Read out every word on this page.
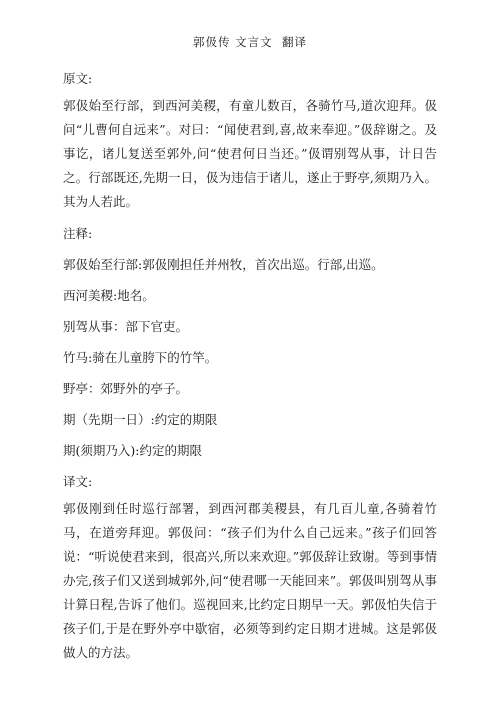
郭伋传 文言文  翻译

原文:

郭伋始至行部，到西河美稷，有童儿数百，各骑竹马,道次迎拜。伋问“儿曹何自远来”。对曰：“闻使君到,喜,故来奉迎。”伋辞谢之。及事讫，诸儿复送至郭外,问“使君何日当还。”伋谓别驾从事，计日告之。行部既还,先期一日，伋为违信于诸儿，遂止于野亭,须期乃入。其为人若此。

注释:

郭伋始至行部:郭伋刚担任并州牧，首次出巡。行部,出巡。

西河美稷:地名。

别驾从事：部下官吏。

竹马:骑在儿童胯下的竹竿。

野亭：郊野外的亭子。

期（先期一日）:约定的期限

期(须期乃入):约定的期限

译文:

郭伋刚到任时巡行部署，到西河郡美稷县，有几百儿童,各骑着竹马，在道旁拜迎。郭伋问：“孩子们为什么自己远来。”孩子们回答说：“听说使君来到，很高兴,所以来欢迎。”郭伋辞让致谢。等到事情办完,孩子们又送到城郭外,问“使君哪一天能回来”。郭伋叫别驾从事计算日程,告诉了他们。巡视回来,比约定日期早一天。郭伋怕失信于孩子们,于是在野外亭中歇宿，必须等到约定日期才进城。这是郭伋做人的方法。
